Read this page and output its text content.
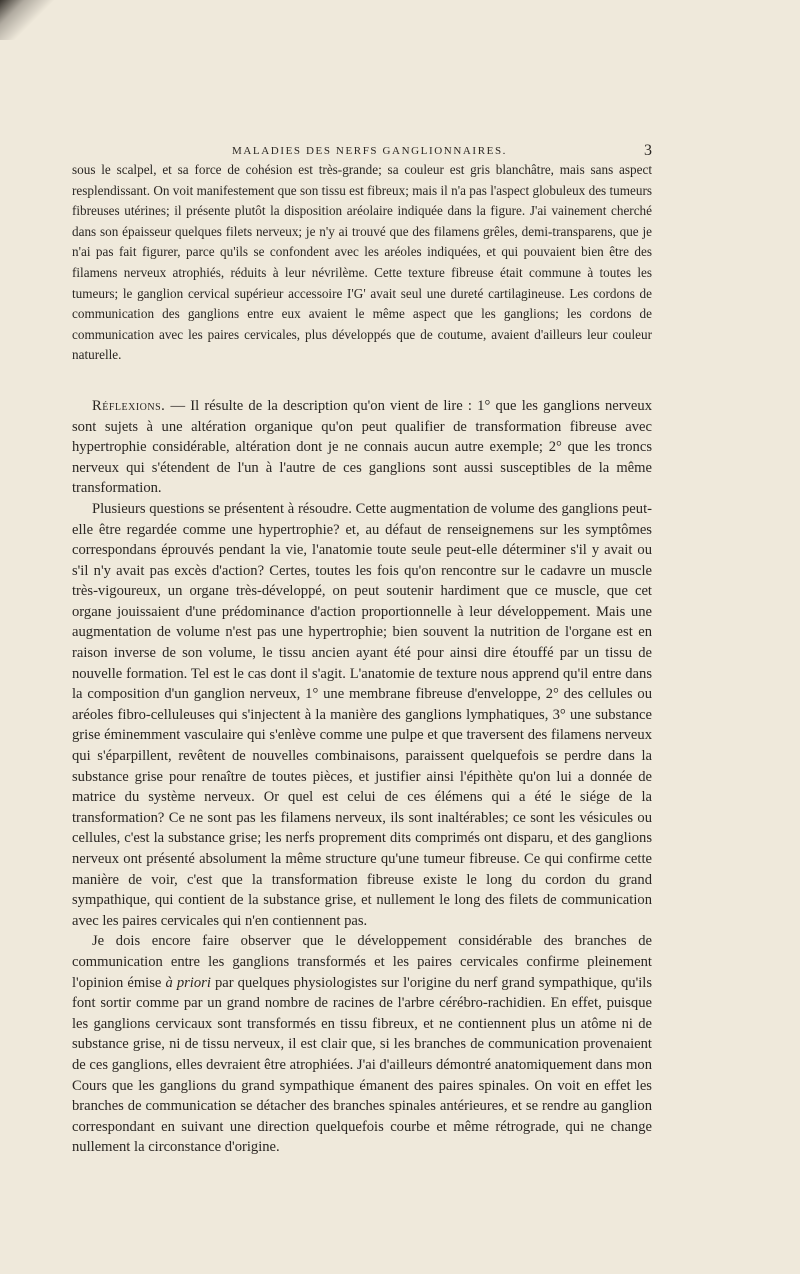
MALADIES DES NERFS GANGLIONNAIRES.	3

sous le scalpel, et sa force de cohésion est très-grande; sa couleur est gris blanchâtre, mais sans aspect resplendissant. On voit manifestement que son tissu est fibreux; mais il n'a pas l'aspect globuleux des tumeurs fibreuses utérines; il présente plutôt la disposition aréolaire indiquée dans la figure. J'ai vainement cherché dans son épaisseur quelques filets nerveux; je n'y ai trouvé que des filamens grêles, demi-transparens, que je n'ai pas fait figurer, parce qu'ils se confondent avec les aréoles indiquées, et qui pouvaient bien être des filamens nerveux atrophiés, réduits à leur névrilème. Cette texture fibreuse était commune à toutes les tumeurs; le ganglion cervical supérieur accessoire I'G' avait seul une dureté cartilagineuse. Les cordons de communication des ganglions entre eux avaient le même aspect que les ganglions; les cordons de communication avec les paires cervicales, plus développés que de coutume, avaient d'ailleurs leur couleur naturelle.

Réflexions. — Il résulte de la description qu'on vient de lire : 1° que les ganglions nerveux sont sujets à une altération organique qu'on peut qualifier de transformation fibreuse avec hypertrophie considérable, altération dont je ne connais aucun autre exemple; 2° que les troncs nerveux qui s'étendent de l'un à l'autre de ces ganglions sont aussi susceptibles de la même transformation.

Plusieurs questions se présentent à résoudre. Cette augmentation de volume des ganglions peut-elle être regardée comme une hypertrophie? et, au défaut de renseignemens sur les symptômes correspondans éprouvés pendant la vie, l'anatomie toute seule peut-elle déterminer s'il y avait ou s'il n'y avait pas excès d'action? Certes, toutes les fois qu'on rencontre sur le cadavre un muscle très-vigoureux, un organe très-développé, on peut soutenir hardiment que ce muscle, que cet organe jouissaient d'une prédominance d'action proportionnelle à leur développement. Mais une augmentation de volume n'est pas une hypertrophie; bien souvent la nutrition de l'organe est en raison inverse de son volume, le tissu ancien ayant été pour ainsi dire étouffé par un tissu de nouvelle formation. Tel est le cas dont il s'agit. L'anatomie de texture nous apprend qu'il entre dans la composition d'un ganglion nerveux, 1° une membrane fibreuse d'enveloppe, 2° des cellules ou aréoles fibro-celluleuses qui s'injectent à la manière des ganglions lymphatiques, 3° une substance grise éminemment vasculaire qui s'enlève comme une pulpe et que traversent des filamens nerveux qui s'éparpillent, revêtent de nouvelles combinaisons, paraissent quelquefois se perdre dans la substance grise pour renaître de toutes pièces, et justifier ainsi l'épithète qu'on lui a donnée de matrice du système nerveux. Or quel est celui de ces élémens qui a été le siége de la transformation? Ce ne sont pas les filamens nerveux, ils sont inaltérables; ce sont les vésicules ou cellules, c'est la substance grise; les nerfs proprement dits comprimés ont disparu, et des ganglions nerveux ont présenté absolument la même structure qu'une tumeur fibreuse. Ce qui confirme cette manière de voir, c'est que la transformation fibreuse existe le long du cordon du grand sympathique, qui contient de la substance grise, et nullement le long des filets de communication avec les paires cervicales qui n'en contiennent pas.

Je dois encore faire observer que le développement considérable des branches de communication entre les ganglions transformés et les paires cervicales confirme pleinement l'opinion émise à priori par quelques physiologistes sur l'origine du nerf grand sympathique, qu'ils font sortir comme par un grand nombre de racines de l'arbre cérébro-rachidien. En effet, puisque les ganglions cervicaux sont transformés en tissu fibreux, et ne contiennent plus un atôme ni de substance grise, ni de tissu nerveux, il est clair que, si les branches de communication provenaient de ces ganglions, elles devraient être atrophiées. J'ai d'ailleurs démontré anatomiquement dans mon Cours que les ganglions du grand sympathique émanent des paires spinales. On voit en effet les branches de communication se détacher des branches spinales antérieures, et se rendre au ganglion correspondant en suivant une direction quelquefois courbe et même rétrograde, qui ne change nullement la circonstance d'origine.
